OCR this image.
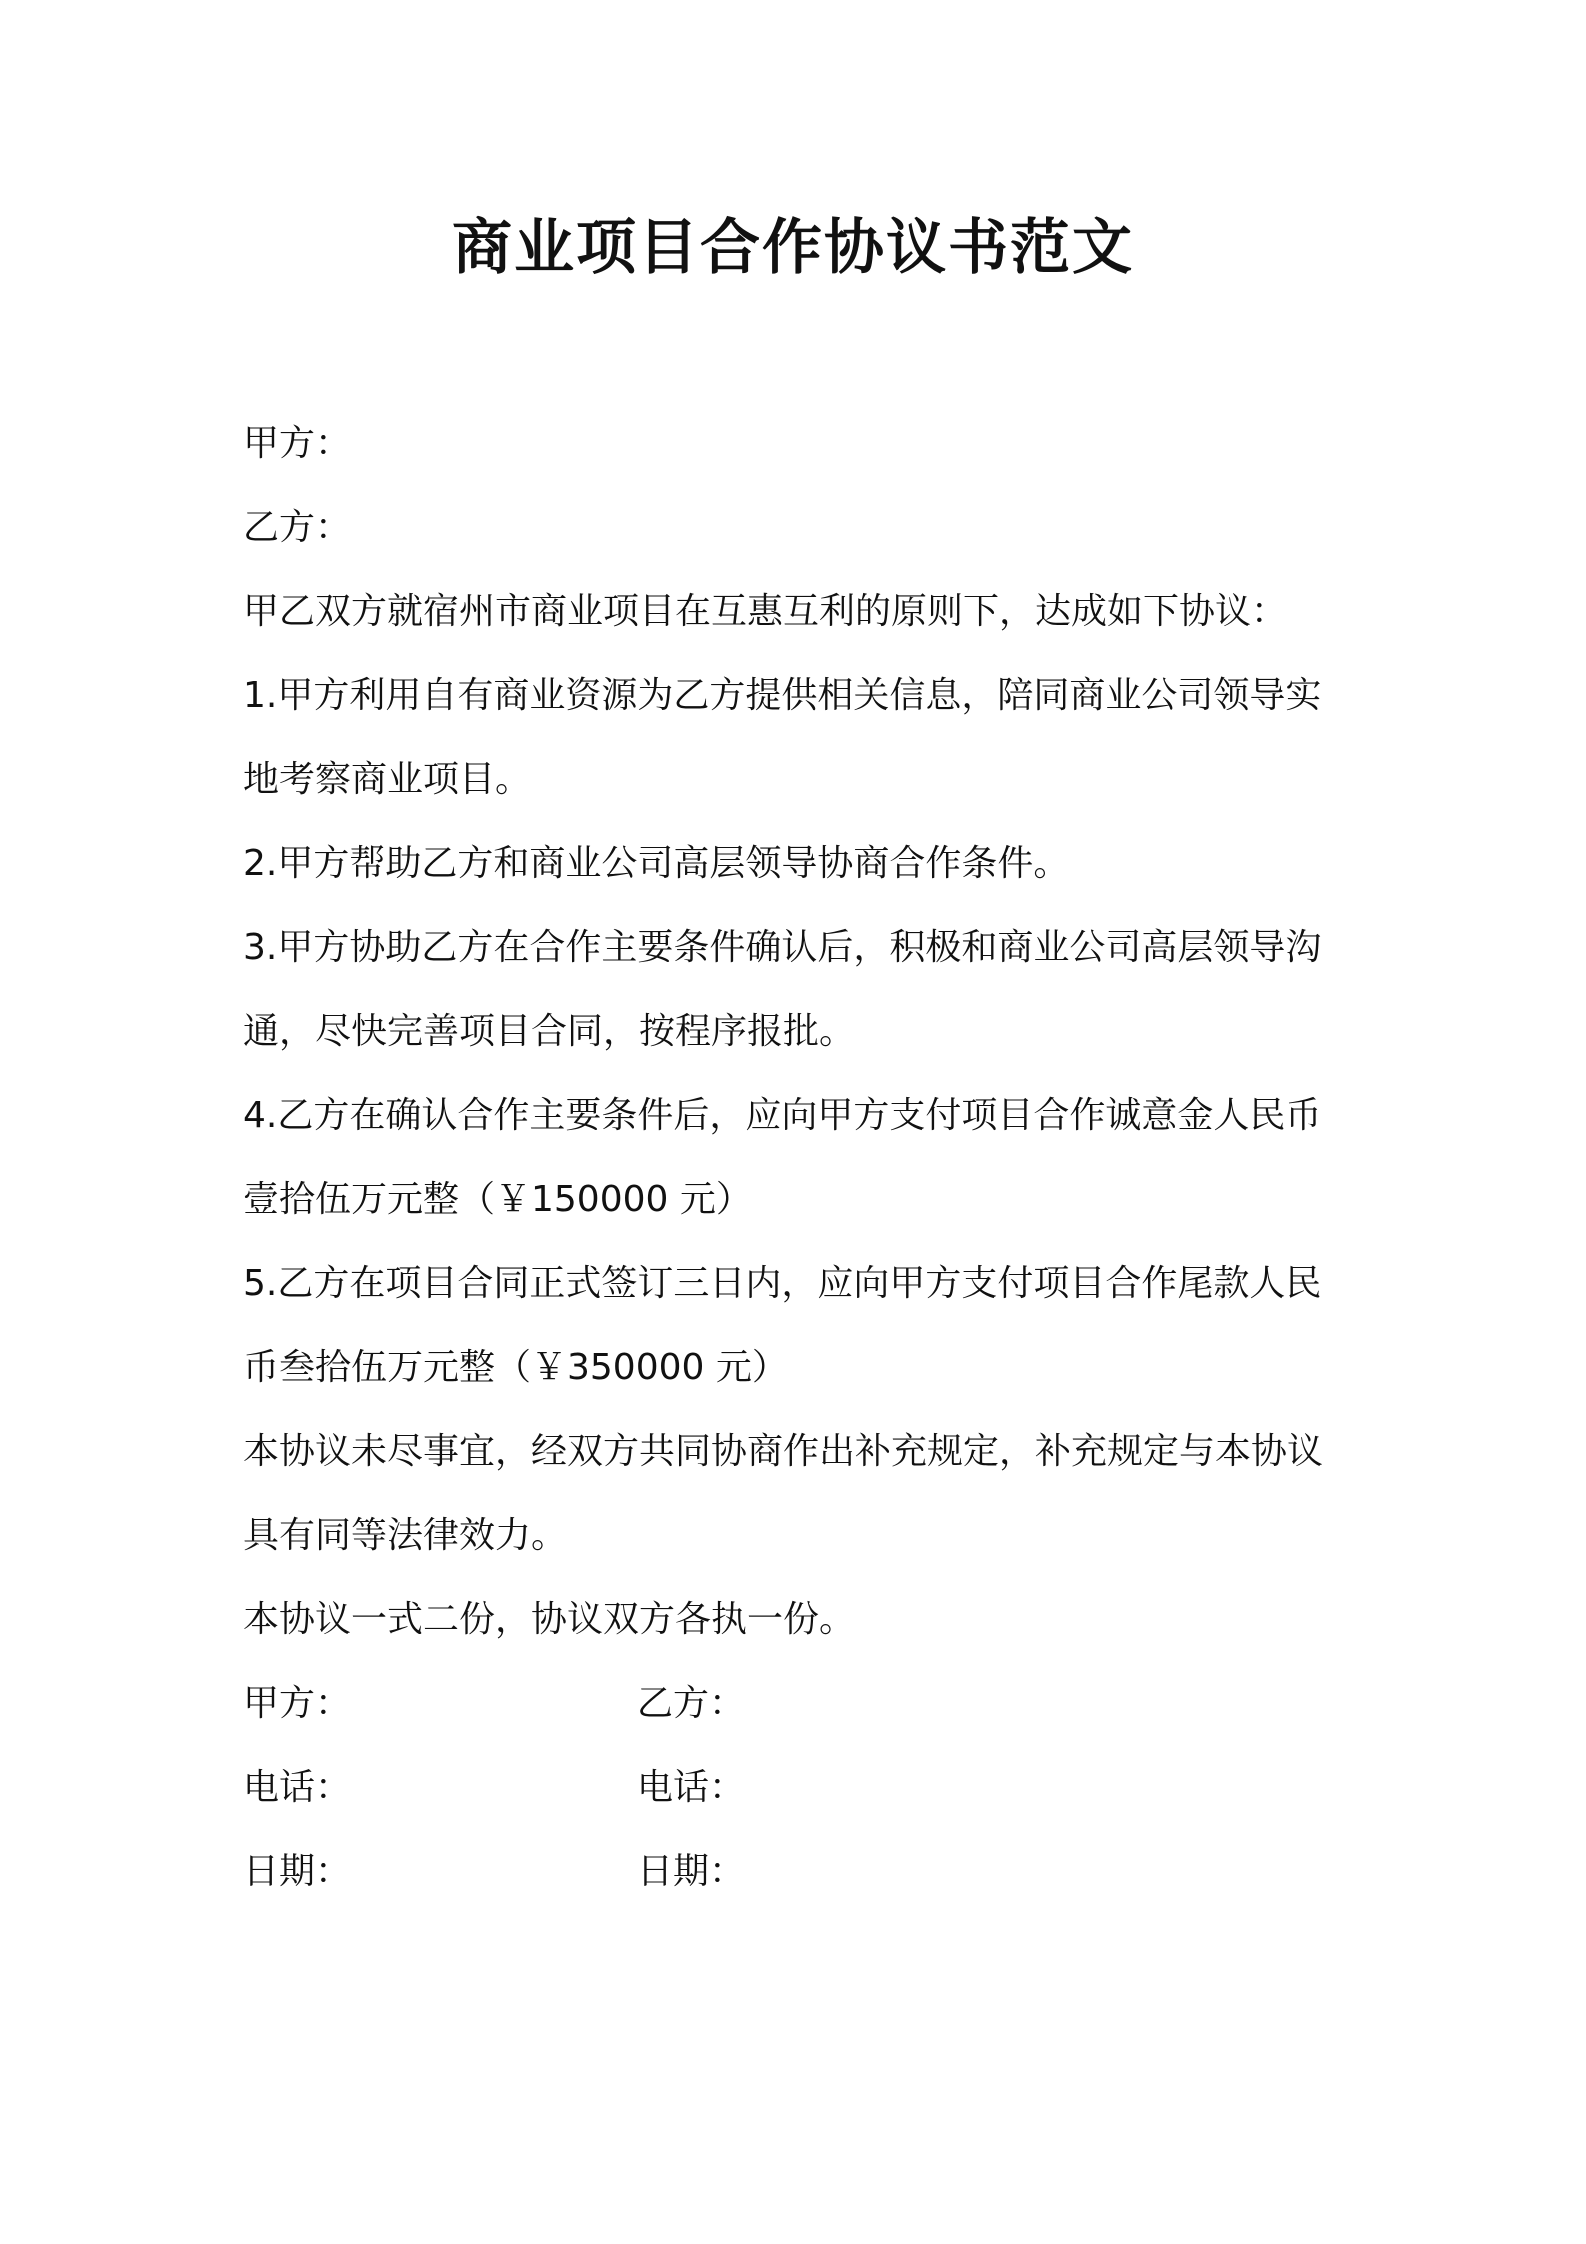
商业项目合作协议书范文
甲方：
乙方：
甲乙双方就宿州市商业项目在互惠互利的原则下，达成如下协议：
1.甲方利用自有商业资源为乙方提供相关信息，陪同商业公司领导实
地考察商业项目。
2.甲方帮助乙方和商业公司高层领导协商合作条件。
3.甲方协助乙方在合作主要条件确认后，积极和商业公司高层领导沟
通，尽快完善项目合同，按程序报批。
4.乙方在确认合作主要条件后，应向甲方支付项目合作诚意金人民币
壹拾伍万元整（￥150000 元）
5.乙方在项目合同正式签订三日内，应向甲方支付项目合作尾款人民
币叁拾伍万元整（￥350000 元）
本协议未尽事宜，经双方共同协商作出补充规定，补充规定与本协议
具有同等法律效力。
本协议一式二份，协议双方各执一份。
甲方：	乙方：
电话：	电话：
日期：	日期：
